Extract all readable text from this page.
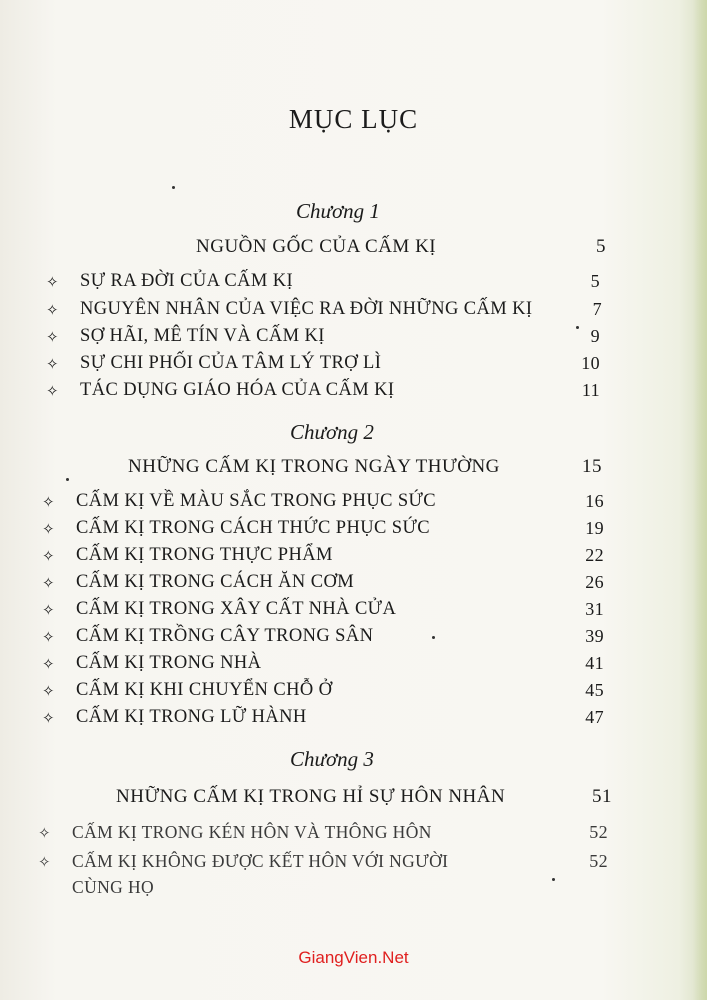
MỤC LỤC
Chương 1
NGUỒN GỐC CỦA CẤM KỊ	5
✧ SỰ RA ĐỜI CỦA CẤM KỊ	5
✧ NGUYÊN NHÂN CỦA VIỆC RA ĐỜI NHỮNG CẤM KỊ	7
✧ SỢ HÃI, MÊ TÍN VÀ CẤM KỊ	9
✧ SỰ CHI PHỐI CỦA TÂM LÝ TRỢ LÌ	10
✧ TÁC DỤNG GIÁO HÓA CỦA CẤM KỊ	11
Chương 2
NHỮNG CẤM KỊ TRONG NGÀY THƯỜNG	15
✧ CẤM KỊ VỀ MÀU SẮC TRONG PHỤC SỨC	16
✧ CẤM KỊ TRONG CÁCH THỨC PHỤC SỨC	19
✧ CẤM KỊ TRONG THỰC PHẨM	22
✧ CẤM KỊ TRONG CÁCH ĂN CƠM	26
✧ CẤM KỊ TRONG XÂY CẤT NHÀ CỬA	31
✧ CẤM KỊ TRỒNG CÂY TRONG SÂN	39
✧ CẤM KỊ TRONG NHÀ	41
✧ CẤM KỊ KHI CHUYỂN CHỖ Ở	45
✧ CẤM KỊ TRONG LỮ HÀNH	47
Chương 3
NHỮNG CẤM KỊ TRONG HỈ SỰ HÔN NHÂN	51
✧ CẤM KỊ TRONG KÉN HÔN VÀ THÔNG HÔN	52
✧ CẤM KỊ KHÔNG ĐƯỢC KẾT HÔN VỚI NGƯỜI	52
CÙNG HỌ
GiangVien.Net
